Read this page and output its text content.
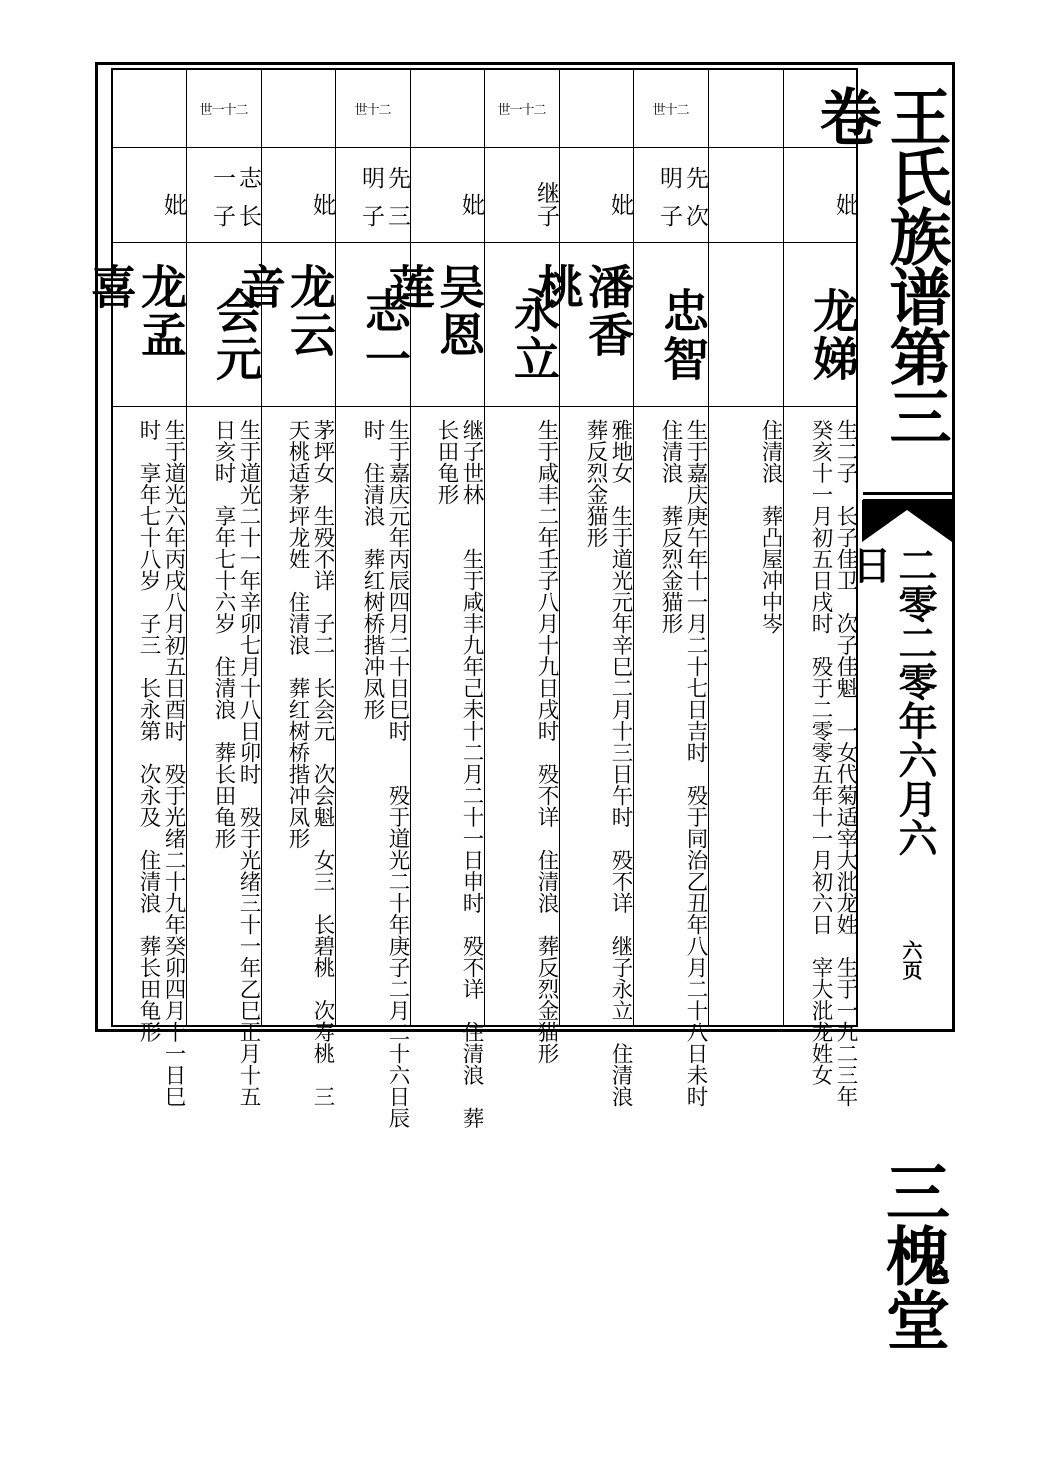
妣
龙娣
生二子　长子佳卫　次子佳魁　一女代菊适宰大沘龙姓　生于一九二三年
癸亥十一月初五日戌时　殁于二零零五年十一月初六日　宰大沘龙姓女
住清浪　葬凸屋冲中岑
世十二
先明
次子
忠智
生于嘉庆庚午年十一月二十七日吉时　殁于同治乙丑年八月二十八日未时
住清浪　葬反烈金猫形
妣
潘香桃
雅地女　生于道光元年辛巳二月十三日午时　殁不详　继子永立　住清浪
葬反烈金猫形
世一十二
继子
永立
生于咸丰二年壬子八月十九日戌时　殁不详　住清浪　葬反烈金猫形
妣
吴恩莲
继子世林　　生于咸丰九年己未十二月二十一日申时　殁不详　住清浪　葬
长田龟形
世十二
先明
三子
志一
生于嘉庆元年丙辰四月二十日巳时　　殁于道光二十年庚子二月二十六日辰
时　住清浪　葬红树桥揩冲凤形
妣
龙云音
茅坪女　生殁不详　子二　长会元　次会魁　女三　长碧桃　次寿桃　三
天桃适茅坪龙姓　住清浪　葬红树桥揩冲凤形
世一十二
志一
长子
会元
生于道光二十一年辛卯七月十八日卯时　殁于光绪三十一年乙巳正月十五
日亥时　享年七十六岁　住清浪　葬长田龟形
妣
龙孟喜
生于道光六年丙戌八月初五日酉时　殁于光绪二十九年癸卯四月十一日巳
时　享年七十八岁　子三　长永第　次永及　住清浪　葬长田龟形
王氏族谱第三卷
二零二零年六月六日
六页
三槐堂
